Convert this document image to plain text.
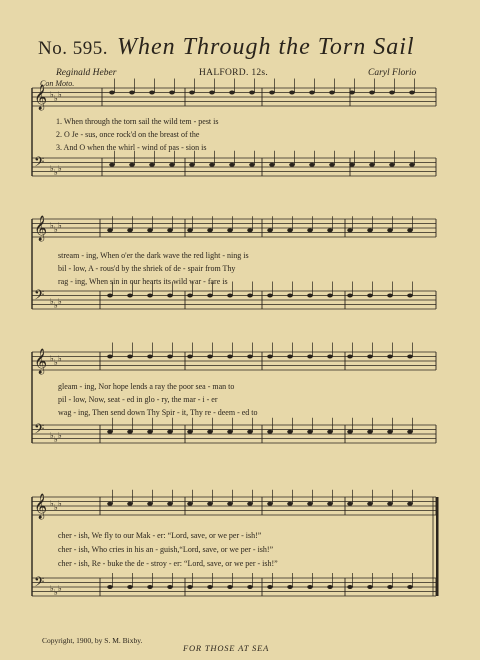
No. 595. When Through the Torn Sail
Reginald Heber
Con Moto.
HALFORD. 12s.	Caryl Florio
𝄞 ♭ ♭ ♭
𝄢 ♭ ♭ ♭
𝄞 ♭ ♭ ♭
𝄢 ♭ ♭ ♭
𝄞 ♭ ♭ ♭
𝄢 ♭ ♭ ♭
𝄞 ♭ ♭ ♭
𝄢 ♭ ♭ ♭
1. When through the torn sail the wild tem - pest is
2. O Je - sus, once rock'd on the breast of the
3. And O when the whirl - wind of pas - sion is
stream - ing, When o'er the dark wave the red light - ning is
bil - low, A - rous'd by the shriek of de - spair from Thy
rag - ing, When sin in our hearts its wild war - fare is
gleam - ing, Nor hope lends a ray the poor sea - man to
pil - low, Now, seat - ed in glo - ry, the mar - i - er
wag - ing, Then send down Thy Spir - it, Thy re - deem - ed to
cher - ish, We fly to our Mak - er: “Lord, save, or we per - ish!”
cher - ish, Who cries in his an - guish,“Lord, save, or we per - ish!”
cher - ish, Re - buke the de - stroy - er: “Lord, save, or we per - ish!”
Copyright, 1900, by S. M. Bixby.
FOR THOSE AT SEA
